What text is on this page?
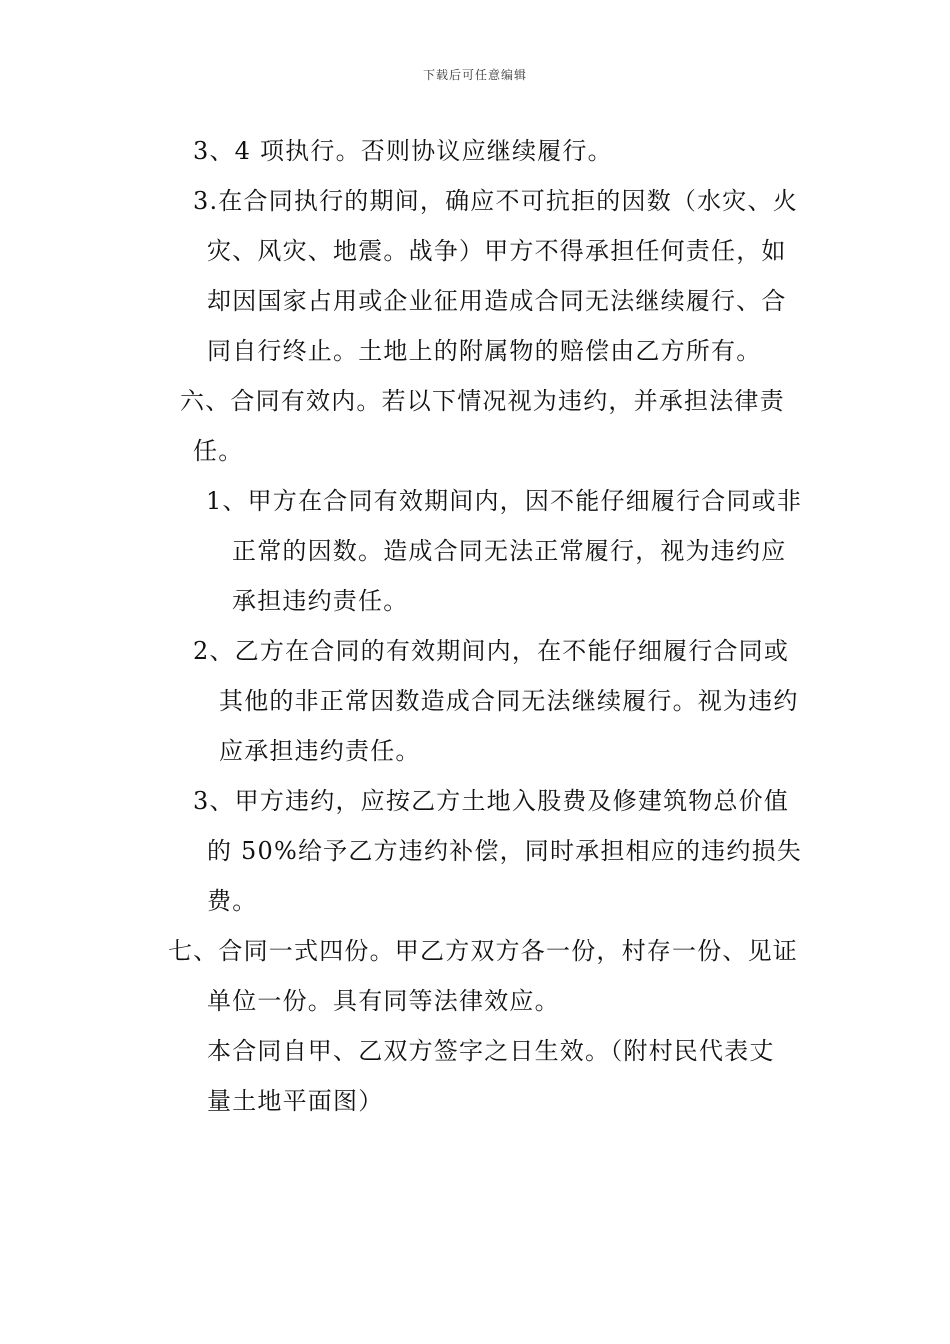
下载后可任意编辑
3、4 项执行。否则协议应继续履行。
3.在合同执行的期间，确应不可抗拒的因数（水灾、火
灾、风灾、地震。战争）甲方不得承担任何责任，如
却因国家占用或企业征用造成合同无法继续履行、合
同自行终止。土地上的附属物的赔偿由乙方所有。
六、合同有效内。若以下情况视为违约，并承担法律责
任。
1、甲方在合同有效期间内，因不能仔细履行合同或非
正常的因数。造成合同无法正常履行，视为违约应
承担违约责任。
2、乙方在合同的有效期间内，在不能仔细履行合同或
其他的非正常因数造成合同无法继续履行。视为违约
应承担违约责任。
3、甲方违约，应按乙方土地入股费及修建筑物总价值
的 50%给予乙方违约补偿，同时承担相应的违约损失
费。
七、合同一式四份。甲乙方双方各一份，村存一份、见证
单位一份。具有同等法律效应。
本合同自甲、乙双方签字之日生效。（附村民代表丈
量土地平面图）
